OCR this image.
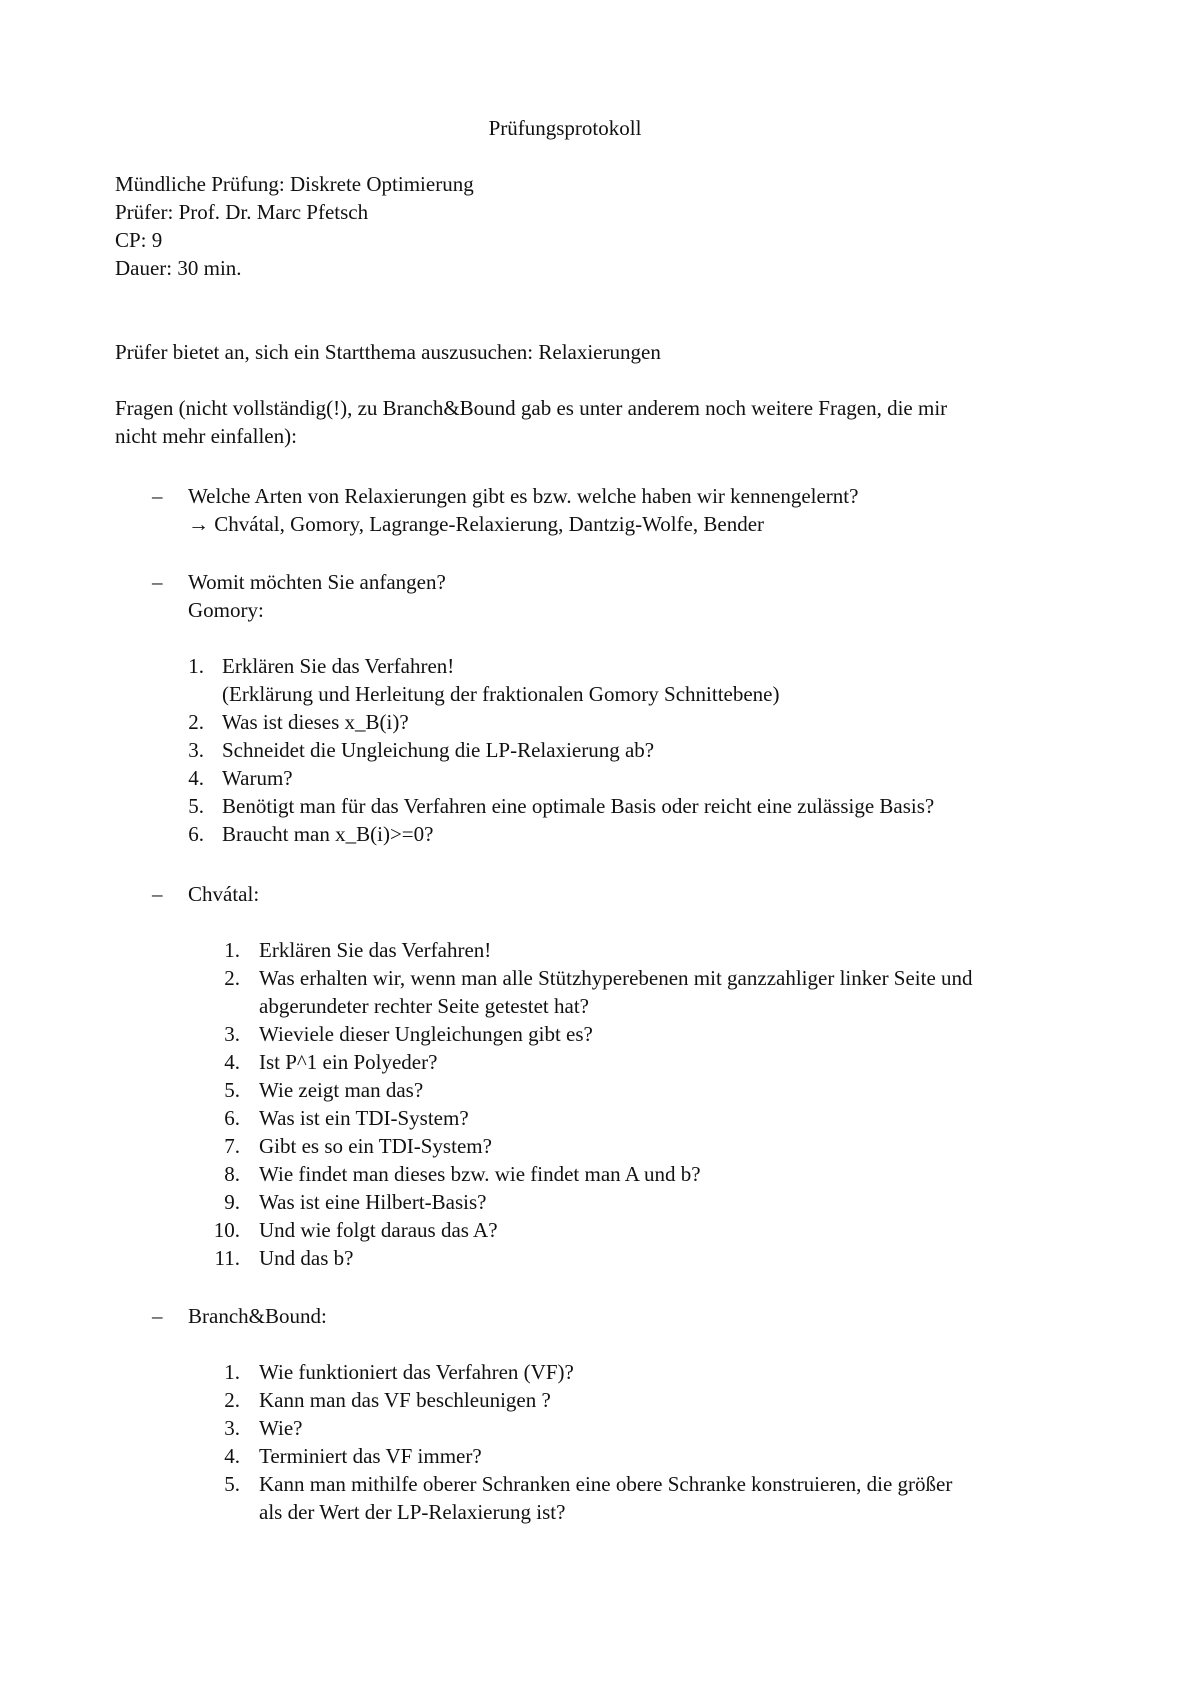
Prüfungsprotokoll
Mündliche Prüfung: Diskrete Optimierung
Prüfer: Prof. Dr. Marc Pfetsch
CP: 9
Dauer: 30 min.
Prüfer bietet an, sich ein Startthema auszusuchen: Relaxierungen
Fragen (nicht vollständig(!), zu Branch&Bound gab es unter anderem noch weitere Fragen, die mir
nicht mehr einfallen):
– Welche Arten von Relaxierungen gibt es bzw. welche haben wir kennengelernt?
→ Chvátal, Gomory, Lagrange-Relaxierung, Dantzig-Wolfe, Bender
– Womit möchten Sie anfangen?
Gomory:
1. Erklären Sie das Verfahren!
(Erklärung und Herleitung der fraktionalen Gomory Schnittebene)
2. Was ist dieses x_B(i)?
3. Schneidet die Ungleichung die LP-Relaxierung ab?
4. Warum?
5. Benötigt man für das Verfahren eine optimale Basis oder reicht eine zulässige Basis?
6. Braucht man x_B(i)>=0?
– Chvátal:
1. Erklären Sie das Verfahren!
2. Was erhalten wir, wenn man alle Stützhyperebenen mit ganzzahliger linker Seite und
abgerundeter rechter Seite getestet hat?
3. Wieviele dieser Ungleichungen gibt es?
4. Ist P^1 ein Polyeder?
5. Wie zeigt man das?
6. Was ist ein TDI-System?
7. Gibt es so ein TDI-System?
8. Wie findet man dieses bzw. wie findet man A und b?
9. Was ist eine Hilbert-Basis?
10. Und wie folgt daraus das A?
11. Und das b?
– Branch&Bound:
1. Wie funktioniert das Verfahren (VF)?
2. Kann man das VF beschleunigen ?
3. Wie?
4. Terminiert das VF immer?
5. Kann man mithilfe oberer Schranken eine obere Schranke konstruieren, die größer
als der Wert der LP-Relaxierung ist?
